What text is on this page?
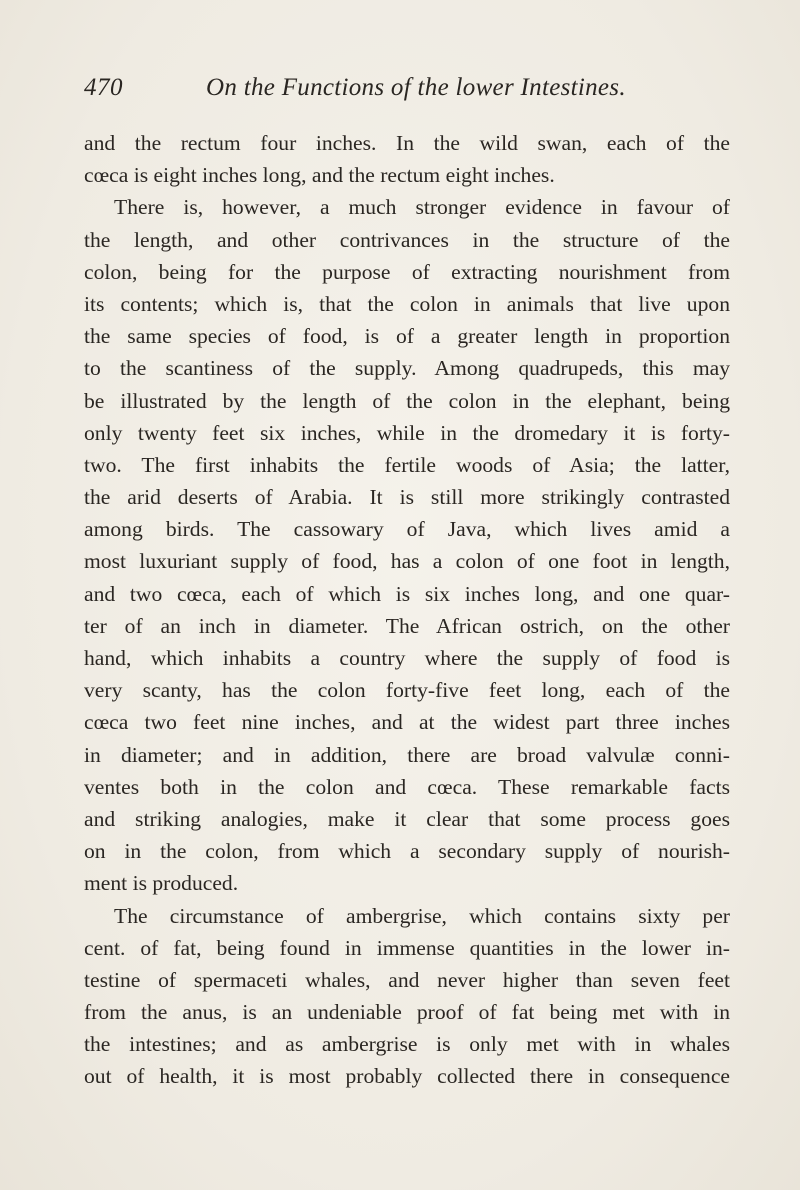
470	On the Functions of the lower Intestines.
and the rectum four inches. In the wild swan, each of the
cœca is eight inches long, and the rectum eight inches.
There is, however, a much stronger evidence in favour of
the length, and other contrivances in the structure of the
colon, being for the purpose of extracting nourishment from
its contents; which is, that the colon in animals that live upon
the same species of food, is of a greater length in proportion
to the scantiness of the supply. Among quadrupeds, this may
be illustrated by the length of the colon in the elephant, being
only twenty feet six inches, while in the dromedary it is forty-
two. The first inhabits the fertile woods of Asia; the latter,
the arid deserts of Arabia. It is still more strikingly contrasted
among birds. The cassowary of Java, which lives amid a
most luxuriant supply of food, has a colon of one foot in length,
and two cœca, each of which is six inches long, and one quar-
ter of an inch in diameter. The African ostrich, on the other
hand, which inhabits a country where the supply of food is
very scanty, has the colon forty-five feet long, each of the
cœca two feet nine inches, and at the widest part three inches
in diameter; and in addition, there are broad valvulæ conni-
ventes both in the colon and cœca. These remarkable facts
and striking analogies, make it clear that some process goes
on in the colon, from which a secondary supply of nourish-
ment is produced.
The circumstance of ambergrise, which contains sixty per
cent. of fat, being found in immense quantities in the lower in-
testine of spermaceti whales, and never higher than seven feet
from the anus, is an undeniable proof of fat being met with in
the intestines; and as ambergrise is only met with in whales
out of health, it is most probably collected there in consequence
